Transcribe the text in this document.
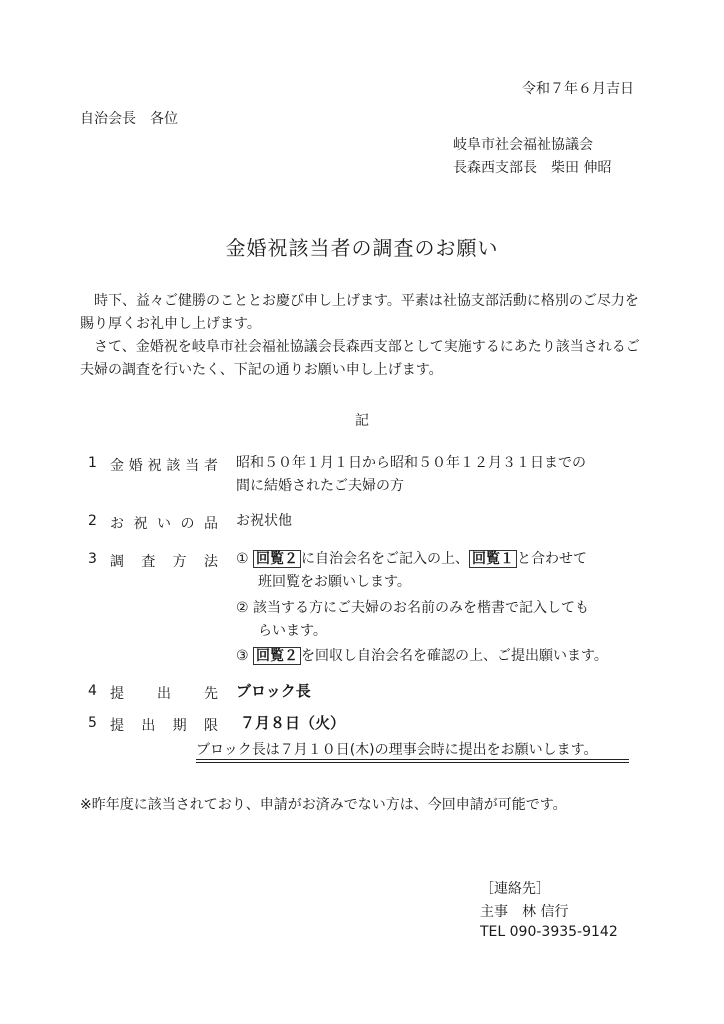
令和７年６月吉日
自治会長　各位
岐阜市社会福祉協議会
長森西支部長　柴田 伸昭
金婚祝該当者の調査のお願い

　時下、益々ご健勝のこととお慶び申し上げます。平素は社協支部活動に格別のご尽力を賜り厚くお礼申し上げます。

　さて、金婚祝を岐阜市社会福祉協議会長森西支部として実施するにあたり該当されるご夫婦の調査を行いたく、下記の通りお願い申し上げます。

記
1 金 婚 祝 該 当 者 昭和５０年１月１日から昭和５０年１２月３１日までの
間に結婚されたご夫婦の方
2 お 祝 い の 品 お祝状他
3 調 査 方 法 ① 回覧２ に自治会名をご記入の上、 回覧１ と合わせて
班回覧をお願いします。
② 該当する方にご夫婦のお名前のみを楷書で記入しても
らいます。
③ 回覧２ を回収し自治会名を確認の上、ご提出願います。
4 提 出 先 ブロック長
5 提 出 期 限 ７月８日（火）
ブロック長は７月１０日(木)の理事会時に提出をお願いします。
※昨年度に該当されており、申請がお済みでない方は、今回申請が可能です。
［連絡先］
主事　林 信行
TEL 090-3935-9142
